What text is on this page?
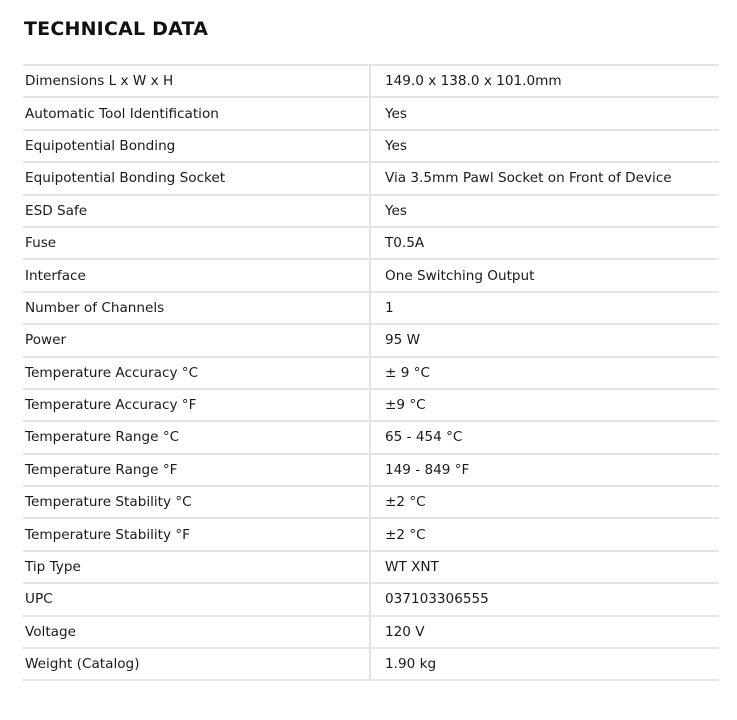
TECHNICAL DATA
Dimensions L x W x H	149.0 x 138.0 x 101.0mm
Automatic Tool Identification	Yes
Equipotential Bonding	Yes
Equipotential Bonding Socket	Via 3.5mm Pawl Socket on Front of Device
ESD Safe	Yes
Fuse	T0.5A
Interface	One Switching Output
Number of Channels	1
Power	95 W
Temperature Accuracy °C	± 9 °C
Temperature Accuracy °F	±9 °C
Temperature Range °C	65 - 454 °C
Temperature Range °F	149 - 849 °F
Temperature Stability °C	±2 °C
Temperature Stability °F	±2 °C
Tip Type	WT XNT
UPC	037103306555
Voltage	120 V
Weight (Catalog)	1.90 kg
